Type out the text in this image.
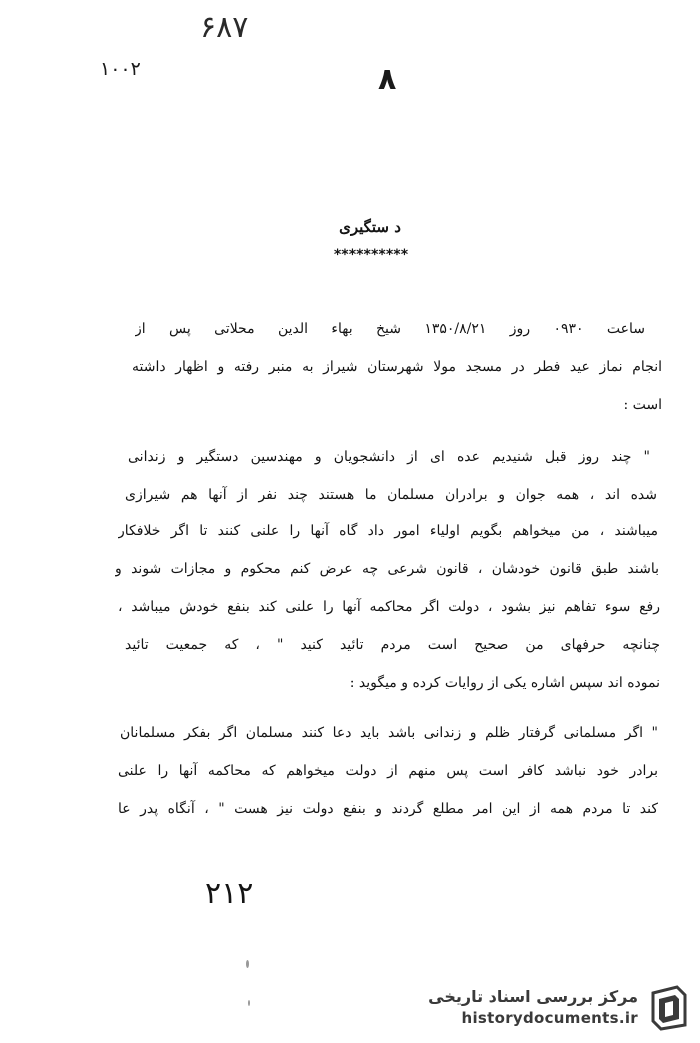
۶۸۷
۱۰۰۲	۸
د ستگیری
**********
ساعت ۰۹۳۰ روز ۱۳۵۰/۸/۲۱ شیخ بهاء الدین محلاتی پس از
انجام نماز عید فطر در مسجد مولا شهرستان شیراز به منبر رفته و اظهار داشته
است :
" چند روز قبل شنیدیم عده ای از دانشجویان و مهندسین دستگیر و زندانی
شده اند ، همه جوان و برادران مسلمان ما هستند چند نفر از آنها هم شیرازی
میباشند ، من میخواهم بگویم اولیاء امور داد گاه آنها را علنی کنند تا اگر خلافکار
باشند طبق قانون خودشان ، قانون شرعی چه عرض کنم محکوم و مجازات شوند و
رفع سوء تفاهم نیز بشود ، دولت اگر محاکمه آنها را علنی کند بنفع خودش میباشد ،
چنانچه حرفهای من صحیح است مردم تائید کنید " ، که جمعیت تائید
نموده اند سپس اشاره یکی از روایات کرده و میگوید :
" اگر مسلمانی گرفتار ظلم و زندانی باشد باید دعا کنند مسلمان اگر بفکر مسلمانان
برادر خود نباشد کافر است پس منهم از دولت میخواهم که محاکمه آنها را علنی
کند تا مردم همه از این امر مطلع گردند و بنفع دولت نیز هست " ، آنگاه پدر عا
۲۱۲
مرکز بررسی اسناد تاریخی
historydocuments.ir
